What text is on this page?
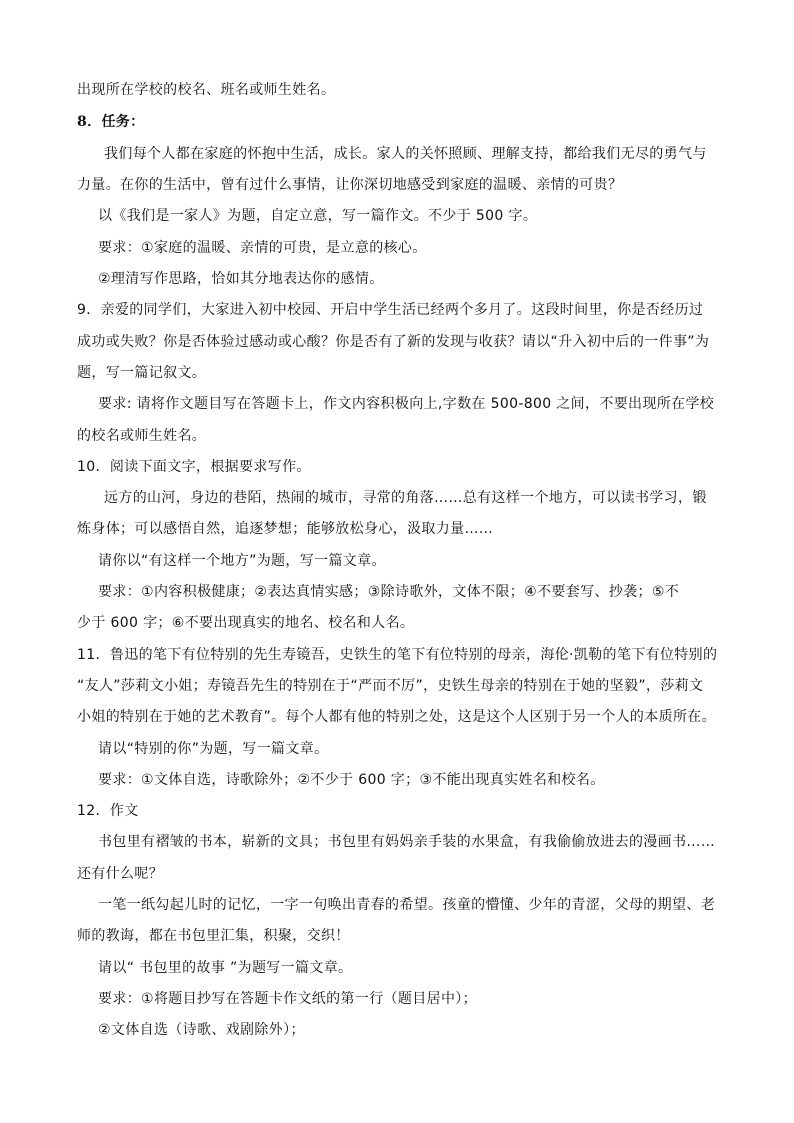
出现所在学校的校名、班名或师生姓名。
8．任务：
我们每个人都在家庭的怀抱中生活，成长。家人的关怀照顾、理解支持，都给我们无尽的勇气与
力量。在你的生活中，曾有过什么事情，让你深切地感受到家庭的温暖、亲情的可贵？
以《我们是一家人》为题，自定立意，写一篇作文。不少于 500 字。
要求：①家庭的温暖、亲情的可贵，是立意的核心。
②理清写作思路，恰如其分地表达你的感情。
9．亲爱的同学们，大家进入初中校园、开启中学生活已经两个多月了。这段时间里，你是否经历过
成功或失败？你是否体验过感动或心酸？你是否有了新的发现与收获？请以“升入初中后的一件事”为
题，写一篇记叙文。
要求: 请将作文题目写在答题卡上，作文内容积极向上,字数在 500-800 之间，不要出现所在学校
的校名或师生姓名。
10．阅读下面文字，根据要求写作。
远方的山河，身边的巷陌，热闹的城市，寻常的角落……总有这样一个地方，可以读书学习，锻
炼身体；可以感悟自然，追逐梦想；能够放松身心，汲取力量……
请你以“有这样一个地方”为题，写一篇文章。
要求：①内容积极健康；②表达真情实感；③除诗歌外，文体不限；④不要套写、抄袭；⑤不
少于 600 字；⑥不要出现真实的地名、校名和人名。
11．鲁迅的笔下有位特别的先生寿镜吾，史铁生的笔下有位特别的母亲，海伦·凯勒的笔下有位特别的
“友人”莎莉文小姐；寿镜吾先生的特别在于“严而不厉”，史铁生母亲的特别在于她的坚毅”，莎莉文
小姐的特别在于她的艺术教育”。每个人都有他的特别之处，这是这个人区别于另一个人的本质所在。
请以“特别的你”为题，写一篇文章。
要求：①文体自选，诗歌除外；②不少于 600 字；③不能出现真实姓名和校名。
12．作文
书包里有褶皱的书本，崭新的文具；书包里有妈妈亲手装的水果盒，有我偷偷放进去的漫画书……
还有什么呢？
一笔一纸勾起儿时的记忆，一字一句唤出青春的希望。孩童的懵懂、少年的青涩，父母的期望、老
师的教诲，都在书包里汇集，积聚，交织！
请以“ 书包里的故事 ”为题写一篇文章。
要求：①将题目抄写在答题卡作文纸的第一行（题目居中）；
②文体自选（诗歌、戏剧除外）；
